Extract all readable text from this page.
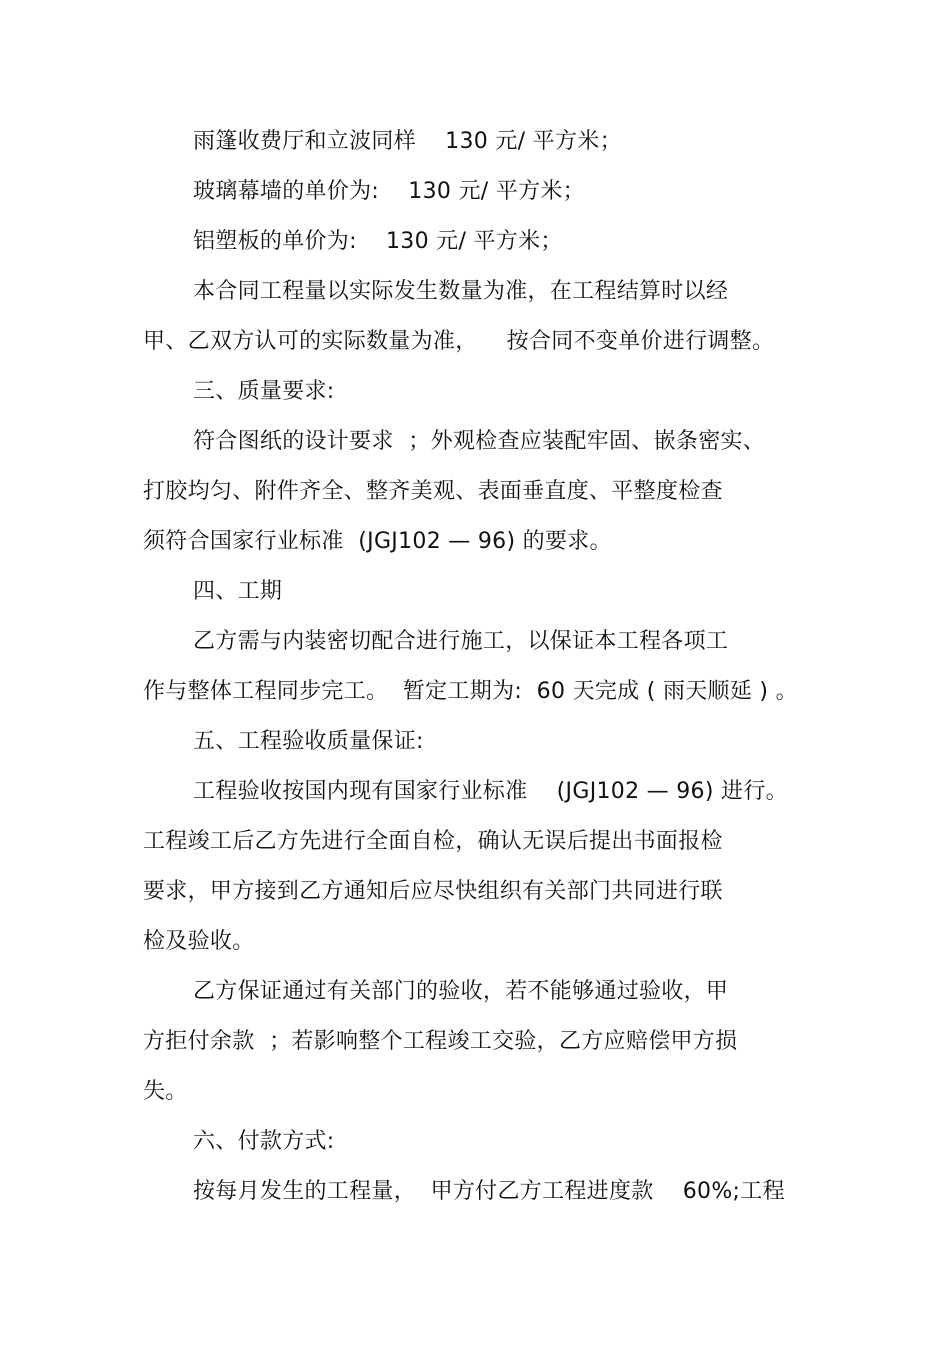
雨篷收费厅和立波同样    130 元/ 平方米；

玻璃幕墙的单价为:    130 元/ 平方米；

铝塑板的单价为:    130 元/ 平方米；

本合同工程量以实际发生数量为准，在工程结算时以经

甲、乙双方认可的实际数量为准，    按合同不变单价进行调整。

三、质量要求:

符合图纸的设计要求  ；外观检查应装配牢固、嵌条密实、

打胶均匀、附件齐全、整齐美观、表面垂直度、平整度检查

须符合国家行业标准  (JGJ102 — 96) 的要求。

四、工期

乙方需与内装密切配合进行施工，以保证本工程各项工

作与整体工程同步完工。  暂定工期为:  60 天完成 ( 雨天顺延 ) 。

五、工程验收质量保证:

工程验收按国内现有国家行业标准    (JGJ102 — 96) 进行。

工程竣工后乙方先进行全面自检，确认无误后提出书面报检

要求，甲方接到乙方通知后应尽快组织有关部门共同进行联

检及验收。

乙方保证通过有关部门的验收，若不能够通过验收，甲

方拒付余款  ；若影响整个工程竣工交验，乙方应赔偿甲方损

失。

六、付款方式:

按每月发生的工程量，  甲方付乙方工程进度款    60%;工程
